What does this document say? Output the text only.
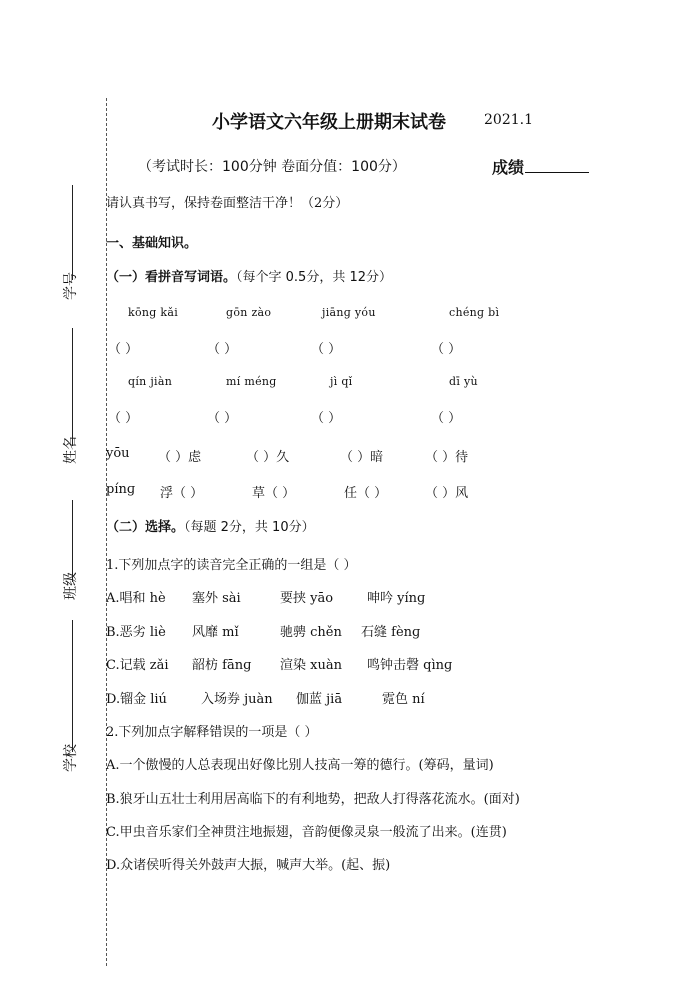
学号
姓名
班级
学校
小学语文六年级上册期末试卷	2021.1
（考试时长：100分钟 卷面分值：100分）	成绩
请认真书写，保持卷面整洁干净！（2分）
一、基础知识。
（一）看拼音写词语。（每个字 0.5分，共 12分）
kōng kǎi	gōn zào	jiānɡ yóu	chénɡ bì
（ ）	（ ）	（ ）	（ ）
qín jiàn	mí ménɡ	jì qǐ	dī yù
（ ）	（ ）	（ ）	（ ）
yōu （ ）虑	（ ）久	（ ）暗	（ ）待
pínɡ 浮（ ）	草（ ）	任（ ）	（ ）风
（二）选择。（每题 2分，共 10分）
1.下列加点字的读音完全正确的一组是（ ）
A.唱和 hè 塞外 sài	要挟 yāo	呻吟 yínɡ
B.恶劣 liè 风靡 mǐ	驰骋 chěn 石缝 fènɡ
C.记载 zǎi 韶枋 fānɡ 渲染 xuàn 鸣钟击磬 qìnɡ
D.镏金 liú	入场券 juàn 伽蓝 jiā	霓色 ní
2.下列加点字解释错误的一项是（ ）
A.一个傲慢的人总表现出好像比别人技高一筹的德行。(筹码，量词)
B.狼牙山五壮士利用居高临下的有利地势，把敌人打得落花流水。(面对)
C.甲虫音乐家们全神贯注地振翅，音韵便像灵泉一般流了出来。(连贯)
D.众诸侯听得关外鼓声大振，喊声大举。(起、振)
